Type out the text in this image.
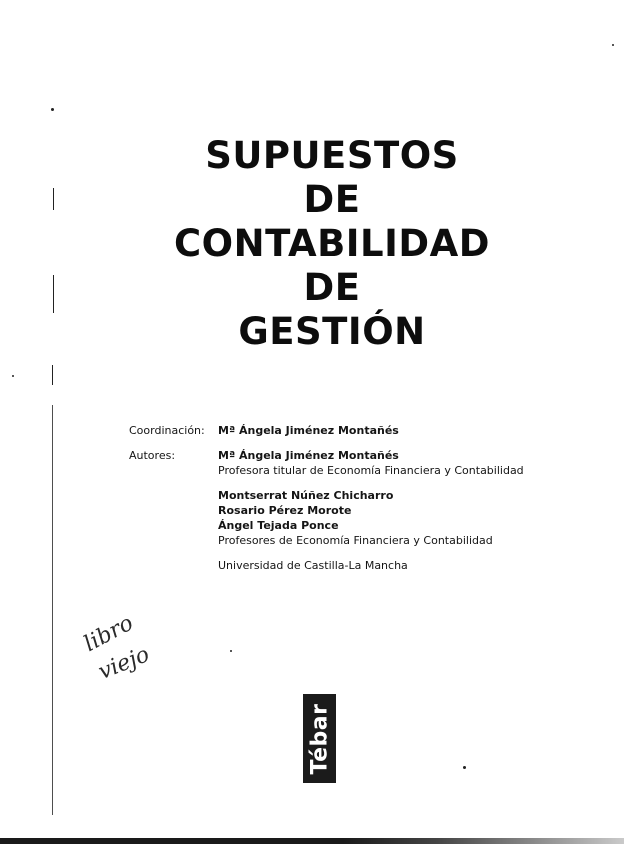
SUPUESTOS
DE
CONTABILIDAD
DE
GESTIÓN
Coordinación:	Mª Ángela Jiménez Montañés
Autores:	Mª Ángela Jiménez Montañés
Profesora titular de Economía Financiera y Contabilidad
Montserrat Núñez Chicharro
Rosario Pérez Morote
Ángel Tejada Ponce
Profesores de Economía Financiera y Contabilidad
Universidad de Castilla-La Mancha
libro
viejo
Tébar
